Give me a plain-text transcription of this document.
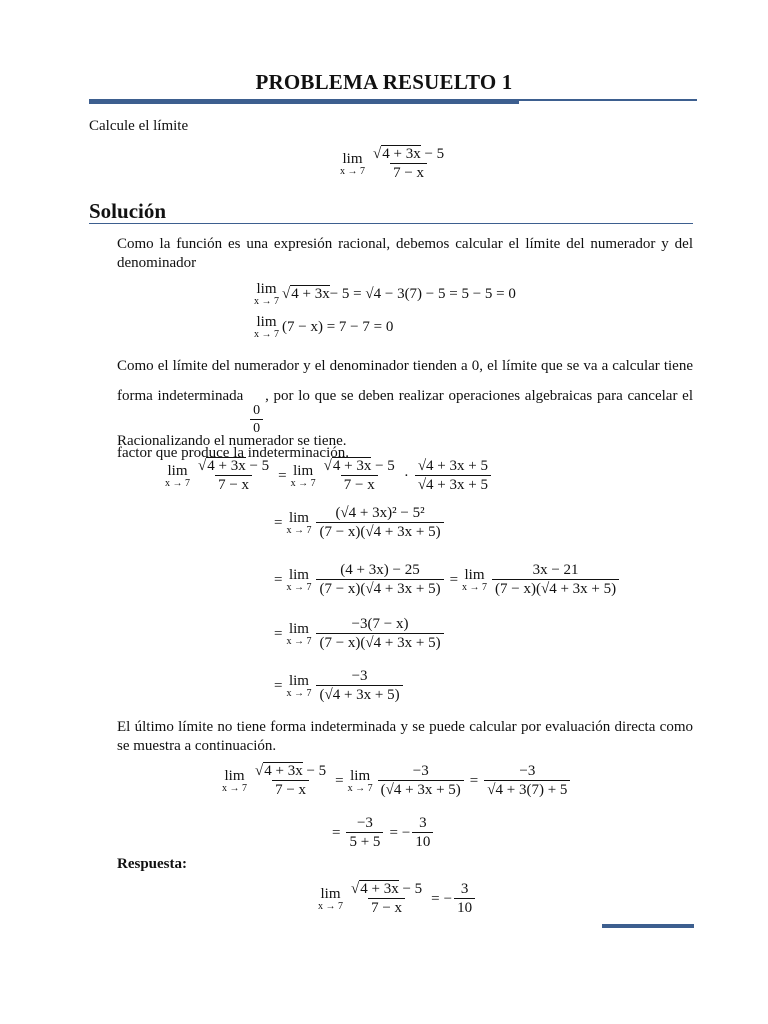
PROBLEMA RESUELTO 1
Calcule el límite
lim
$x \to 7 \frac{√4 + 3x - 5}{7 - x}$
Solución
Como la función es una expresión racional, debemos calcular el límite del numerador y del denominador
lim
x → 7 √ 4 + 3x − 5 = √4 − 3(7) − 5 = 5 − 5 = 0
lim
x → 7 (7 − x) = 7 − 7 = 0
Como el límite del numerador y el denominador tienden a 0, el límite que se va a calcular tiene forma indeterminada
$\frac{0}{0}$
, por lo que se deben realizar operaciones algebraicas para cancelar el factor que produce la indeterminación.
Racionalizando el numerador se tiene.
lim
$x \to 7 \frac{√4 + 3x - 5}{7 - x} = \lim$
$x \to 7 \frac{√4 + 3x - 5}{7 - x} \cdot \frac{√4 + 3x + 5}{√4 + 3x + 5}$
= lim
$x \to 7 \frac{\text{(√4 + 3x)² − 5²}}{(7 - x)(√4 + 3x + 5)}$
= lim
$x \to 7 \frac{(4 + 3x) - 25}{(7 - x)(√4 + 3x + 5)} = \lim$
$x \to 7 \frac{3x - 21}{(7 - x)(√4 + 3x + 5)}$
= lim
$x \to 7 \frac{-3(7 - x)}{(7 - x)(√4 + 3x + 5)}$
= lim
$x \to 7 \frac{-3}{(√4 + 3x + 5)}$
El último límite no tiene forma indeterminada y se puede calcular por evaluación directa como se muestra a continuación.
lim
$x \to 7 \frac{√4 + 3x - 5}{7 - x} = \lim$
$x \to 7 \frac{-3}{(√4 + 3x + 5)} = \frac{-3}{√4 + 3(7) + 5}$
= $\frac{-3}{5 + 5}$ = − $\frac{3}{10}$
Respuesta:
lim
$x \to 7 \frac{√4 + 3x - 5}{7 - x}$ = − $\frac{3}{10}$
